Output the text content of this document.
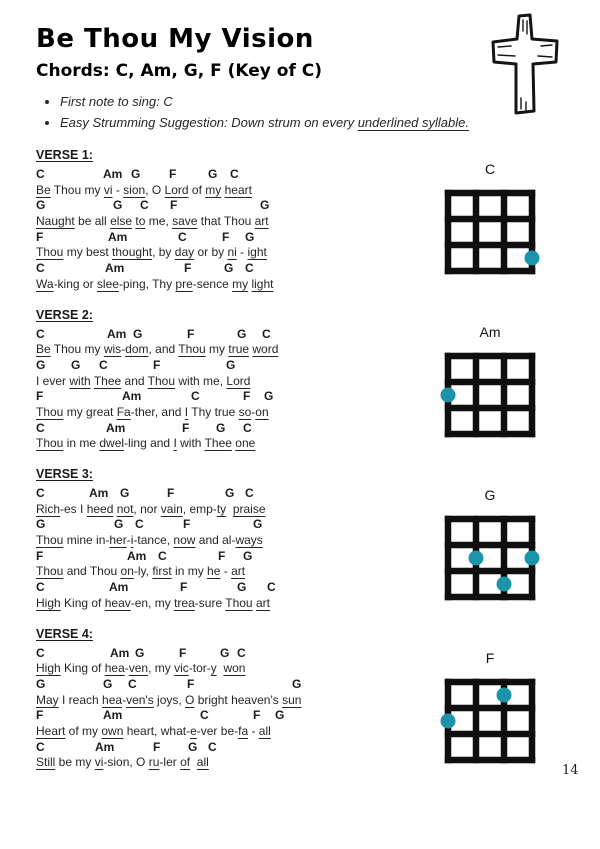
Be Thou My Vision
Chords: C, Am, G, F (Key of C)
• First note to sing: C
• Easy Strumming Suggestion: Down strum on every underlined syllable.
VERSE 1:
C	Am G F	G C
Be Thou my vi - sion, O Lord of my heart
G	G C F	G
Naught be all else to me, save that Thou art
F	Am	C	F G
Thou my best thought, by day or by ni - ight
C	Am	F	G C
Wa-king or slee-ping, Thy pre-sence my light
VERSE 2:
C	Am G	F	G C
Be Thou my wis-dom, and Thou my true word
G G C	F	G
I ever with Thee and Thou with me, Lord
F	Am	C	F G
Thou my great Fa-ther, and I Thy true so-on
C	Am	F G C
Thou in me dwel-ling and I with Thee one
VERSE 3:
C	Am G	F	G C
Rich-es I heed not, nor vain, emp-ty praise
G	G C	F	G
Thou mine in-her-i-tance, now and al-ways
F	Am C	F G
Thou and Thou on-ly, first in my he - art
C	Am	F	G C
High King of heav-en, my trea-sure Thou art
VERSE 4:
C	Am G	F	G C
High King of hea-ven, my vic-tor-y won
G	G C	F	G
May I reach hea-ven's joys, O bright heaven's sun
F	Am	C	F G
Heart of my own heart, what-e-ver be-fa - all
C	Am	F G C
Still be my vi-sion, O ru-ler of all
C
Am
G
F
14
